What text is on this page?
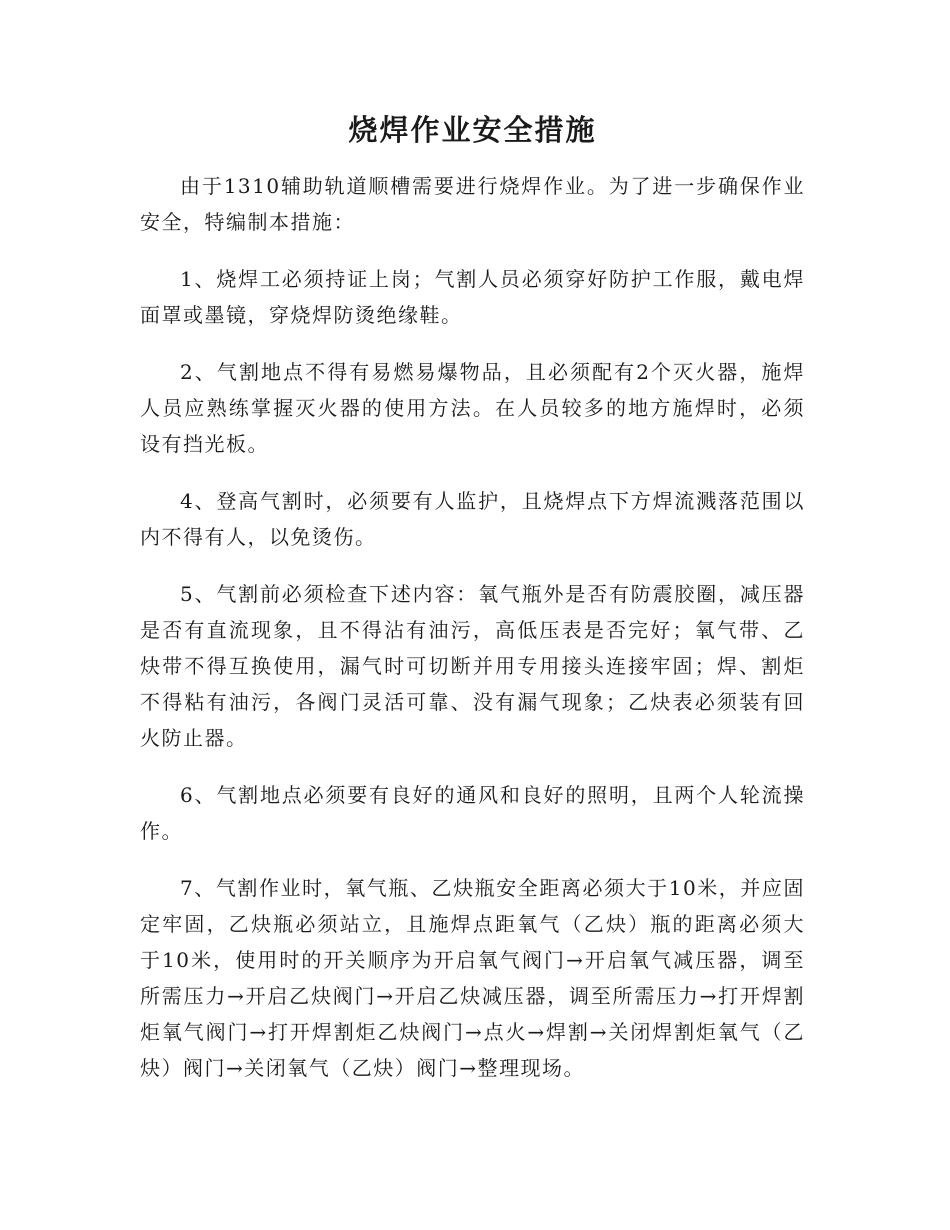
烧焊作业安全措施

由于1310辅助轨道顺槽需要进行烧焊作业。为了进一步确保作业安全，特编制本措施：

1、烧焊工必须持证上岗；气割人员必须穿好防护工作服，戴电焊面罩或墨镜，穿烧焊防烫绝缘鞋。

2、气割地点不得有易燃易爆物品，且必须配有2个灭火器，施焊人员应熟练掌握灭火器的使用方法。在人员较多的地方施焊时，必须设有挡光板。

4、登高气割时，必须要有人监护，且烧焊点下方焊流溅落范围以内不得有人，以免烫伤。

5、气割前必须检查下述内容：氧气瓶外是否有防震胶圈，减压器是否有直流现象，且不得沾有油污，高低压表是否完好；氧气带、乙炔带不得互换使用，漏气时可切断并用专用接头连接牢固；焊、割炬不得粘有油污，各阀门灵活可靠、没有漏气现象；乙炔表必须装有回火防止器。

6、气割地点必须要有良好的通风和良好的照明，且两个人轮流操作。

7、气割作业时，氧气瓶、乙炔瓶安全距离必须大于10米，并应固定牢固，乙炔瓶必须站立，且施焊点距氧气（乙炔）瓶的距离必须大于10米，使用时的开关顺序为开启氧气阀门→开启氧气减压器，调至所需压力→开启乙炔阀门→开启乙炔减压器，调至所需压力→打开焊割炬氧气阀门→打开焊割炬乙炔阀门→点火→焊割→关闭焊割炬氧气（乙炔）阀门→关闭氧气（乙炔）阀门→整理现场。
